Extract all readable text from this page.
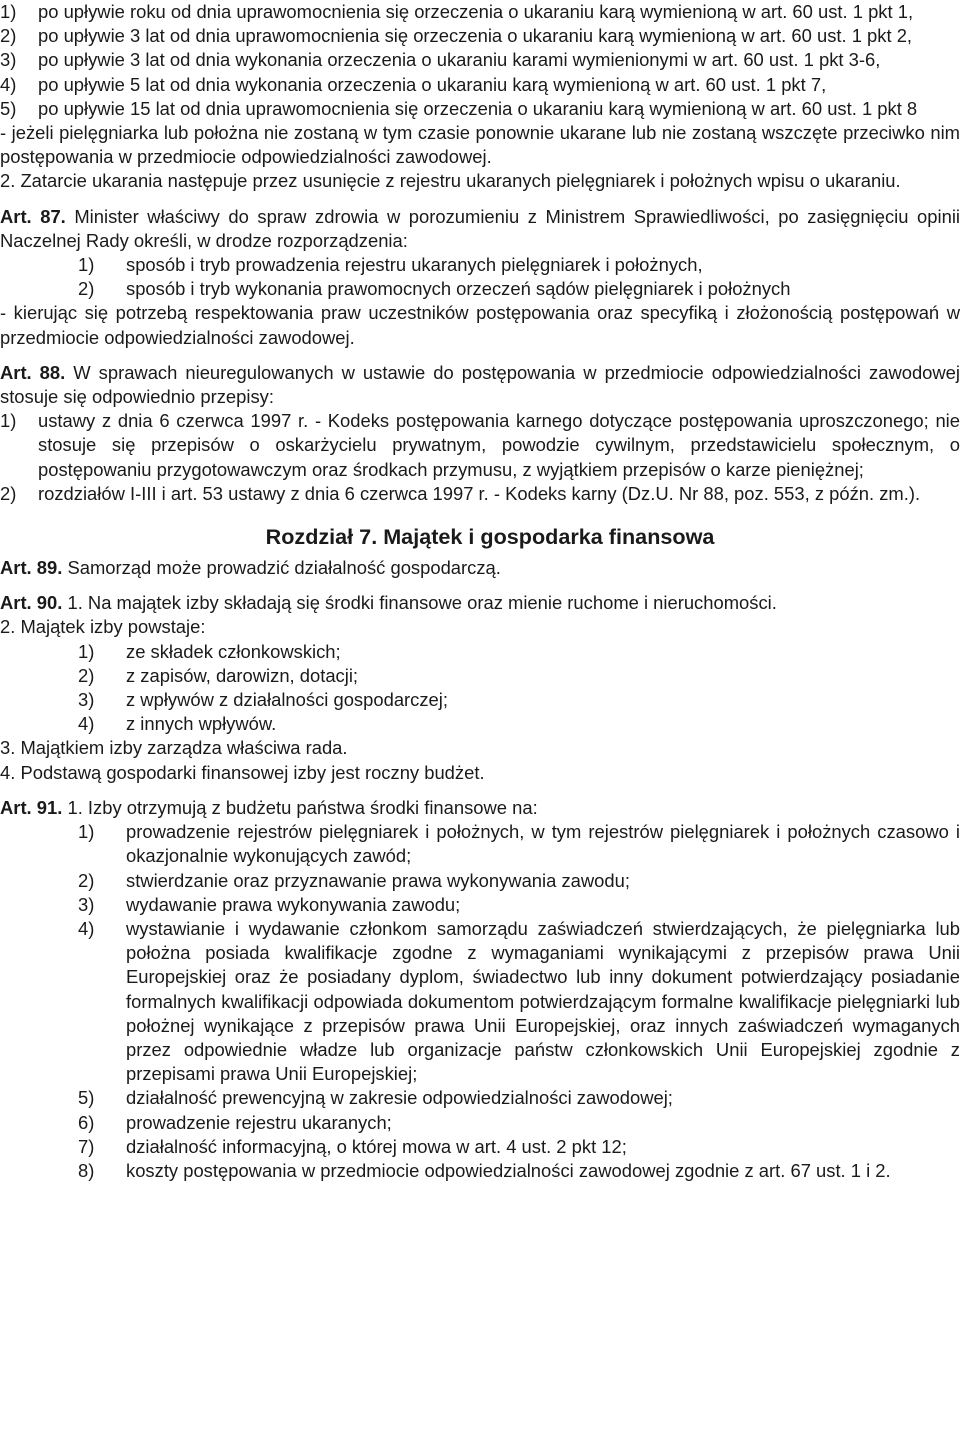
1)	po upływie roku od dnia uprawomocnienia się orzeczenia o ukaraniu karą wymienioną w art. 60 ust. 1 pkt 1,
2)	po upływie 3 lat od dnia uprawomocnienia się orzeczenia o ukaraniu karą wymienioną w art. 60 ust. 1 pkt 2,
3)	po upływie 3 lat od dnia wykonania orzeczenia o ukaraniu karami wymienionymi w art. 60 ust. 1 pkt 3-6,
4)	po upływie 5 lat od dnia wykonania orzeczenia o ukaraniu karą wymienioną w art. 60 ust. 1 pkt 7,
5)	po upływie 15 lat od dnia uprawomocnienia się orzeczenia o ukaraniu karą wymienioną w art. 60 ust. 1 pkt 8

- jeżeli pielęgniarka lub położna nie zostaną w tym czasie ponownie ukarane lub nie zostaną wszczęte przeciwko nim postępowania w przedmiocie odpowiedzialności zawodowej.

2. Zatarcie ukarania następuje przez usunięcie z rejestru ukaranych pielęgniarek i położnych wpisu o ukaraniu.

Art. 87. Minister właściwy do spraw zdrowia w porozumieniu z Ministrem Sprawiedliwości, po zasięgnięciu opinii Naczelnej Rady określi, w drodze rozporządzenia:

1)	sposób i tryb prowadzenia rejestru ukaranych pielęgniarek i położnych,
2)	sposób i tryb wykonania prawomocnych orzeczeń sądów pielęgniarek i położnych

- kierując się potrzebą respektowania praw uczestników postępowania oraz specyfiką i złożonością postępowań w przedmiocie odpowiedzialności zawodowej.

Art. 88. W sprawach nieuregulowanych w ustawie do postępowania w przedmiocie odpowiedzialności zawodowej stosuje się odpowiednio przepisy:

1)	ustawy z dnia 6 czerwca 1997 r. - Kodeks postępowania karnego dotyczące postępowania uproszczonego; nie stosuje się przepisów o oskarżycielu prywatnym, powodzie cywilnym, przedstawicielu społecznym, o postępowaniu przygotowawczym oraz środkach przymusu, z wyjątkiem przepisów o karze pieniężnej;
2)	rozdziałów I-III i art. 53 ustawy z dnia 6 czerwca 1997 r. - Kodeks karny (Dz.U. Nr 88, poz. 553, z późn. zm.).
Rozdział 7. Majątek i gospodarka finansowa

Art. 89. Samorząd może prowadzić działalność gospodarczą.

Art. 90. 1. Na majątek izby składają się środki finansowe oraz mienie ruchome i nieruchomości.

2. Majątek izby powstaje:

1)	ze składek członkowskich;
2)	z zapisów, darowizn, dotacji;
3)	z wpływów z działalności gospodarczej;
4)	z innych wpływów.

3. Majątkiem izby zarządza właściwa rada.

4. Podstawą gospodarki finansowej izby jest roczny budżet.

Art. 91. 1. Izby otrzymują z budżetu państwa środki finansowe na:

1)	prowadzenie rejestrów pielęgniarek i położnych, w tym rejestrów pielęgniarek i położnych czasowo i okazjonalnie wykonujących zawód;
2)	stwierdzanie oraz przyznawanie prawa wykonywania zawodu;
3)	wydawanie prawa wykonywania zawodu;
4)	wystawianie i wydawanie członkom samorządu zaświadczeń stwierdzających, że pielęgniarka lub położna posiada kwalifikacje zgodne z wymaganiami wynikającymi z przepisów prawa Unii Europejskiej oraz że posiadany dyplom, świadectwo lub inny dokument potwierdzający posiadanie formalnych kwalifikacji odpowiada dokumentom potwierdzającym formalne kwalifikacje pielęgniarki lub położnej wynikające z przepisów prawa Unii Europejskiej, oraz innych zaświadczeń wymaganych przez odpowiednie władze lub organizacje państw członkowskich Unii Europejskiej zgodnie z przepisami prawa Unii Europejskiej;
5)	działalność prewencyjną w zakresie odpowiedzialności zawodowej;
6)	prowadzenie rejestru ukaranych;
7)	działalność informacyjną, o której mowa w art. 4 ust. 2 pkt 12;
8)	koszty postępowania w przedmiocie odpowiedzialności zawodowej zgodnie z art. 67 ust. 1 i 2.
